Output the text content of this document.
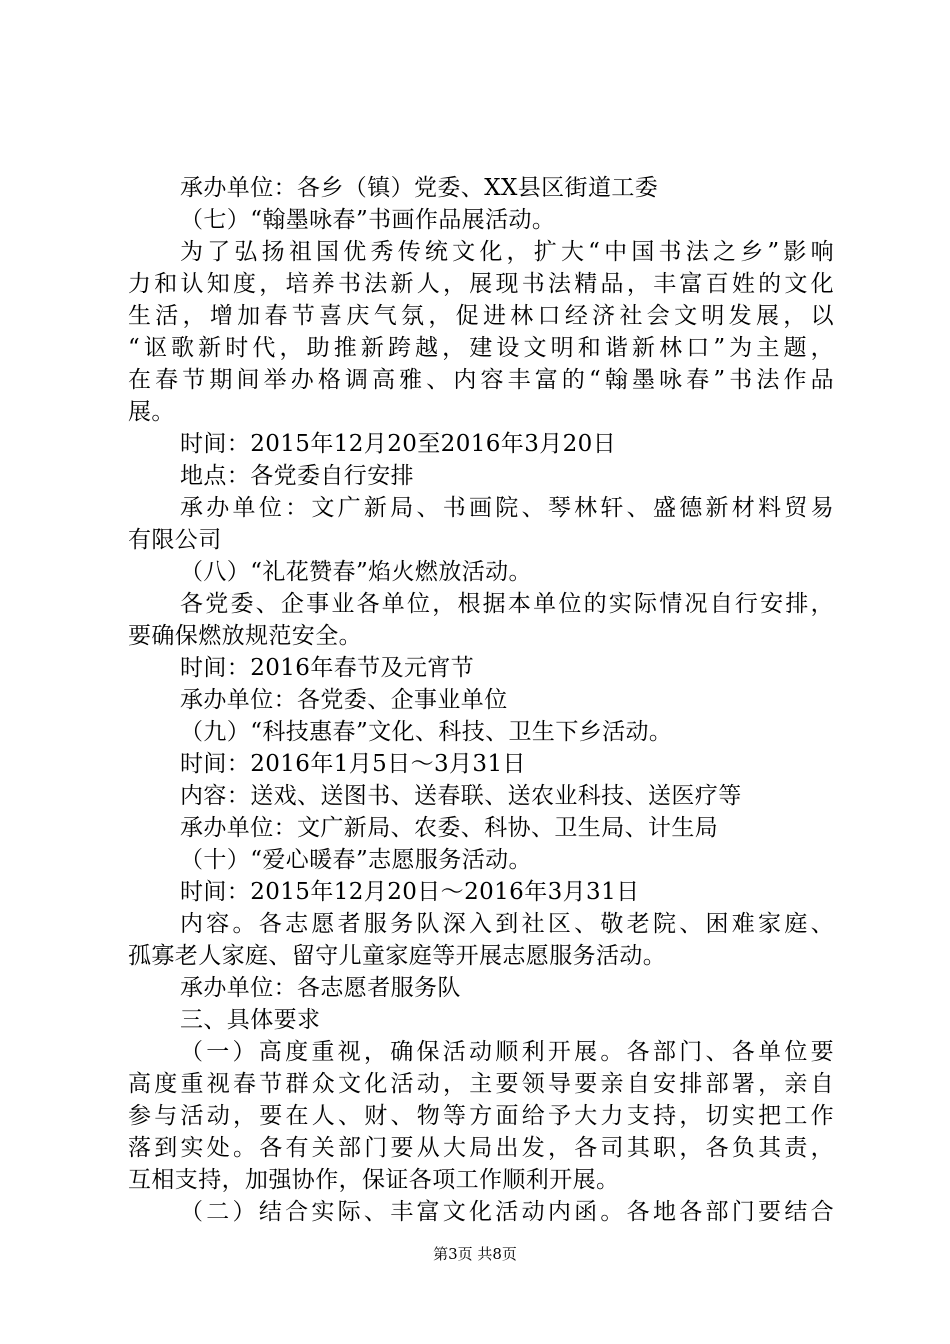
承办单位：各乡（镇）党委、XX县区街道工委
（七）“翰墨咏春”书画作品展活动。
为了弘扬祖国优秀传统文化，扩大“中国书法之乡”影响
力和认知度，培养书法新人，展现书法精品，丰富百姓的文化
生活，增加春节喜庆气氛，促进林口经济社会文明发展，以
“讴歌新时代，助推新跨越，建设文明和谐新林口”为主题，
在春节期间举办格调高雅、内容丰富的“翰墨咏春”书法作品
展。
时间：2015年12月20至2016年3月20日
地点：各党委自行安排
承办单位：文广新局、书画院、琴林轩、盛德新材料贸易
有限公司
（八）“礼花赞春”焰火燃放活动。
各党委、企事业各单位，根据本单位的实际情况自行安排，
要确保燃放规范安全。
时间：2016年春节及元宵节
承办单位：各党委、企事业单位
（九）“科技惠春”文化、科技、卫生下乡活动。
时间：2016年1月5日～3月31日
内容：送戏、送图书、送春联、送农业科技、送医疗等
承办单位：文广新局、农委、科协、卫生局、计生局
（十）“爱心暖春”志愿服务活动。
时间：2015年12月20日～2016年3月31日
内容。各志愿者服务队深入到社区、敬老院、困难家庭、
孤寡老人家庭、留守儿童家庭等开展志愿服务活动。
承办单位：各志愿者服务队
三、具体要求
（一）高度重视，确保活动顺利开展。各部门、各单位要
高度重视春节群众文化活动，主要领导要亲自安排部署，亲自
参与活动，要在人、财、物等方面给予大力支持，切实把工作
落到实处。各有关部门要从大局出发，各司其职，各负其责，
互相支持，加强协作，保证各项工作顺利开展。
（二）结合实际、丰富文化活动内函。各地各部门要结合
第3页 共8页
